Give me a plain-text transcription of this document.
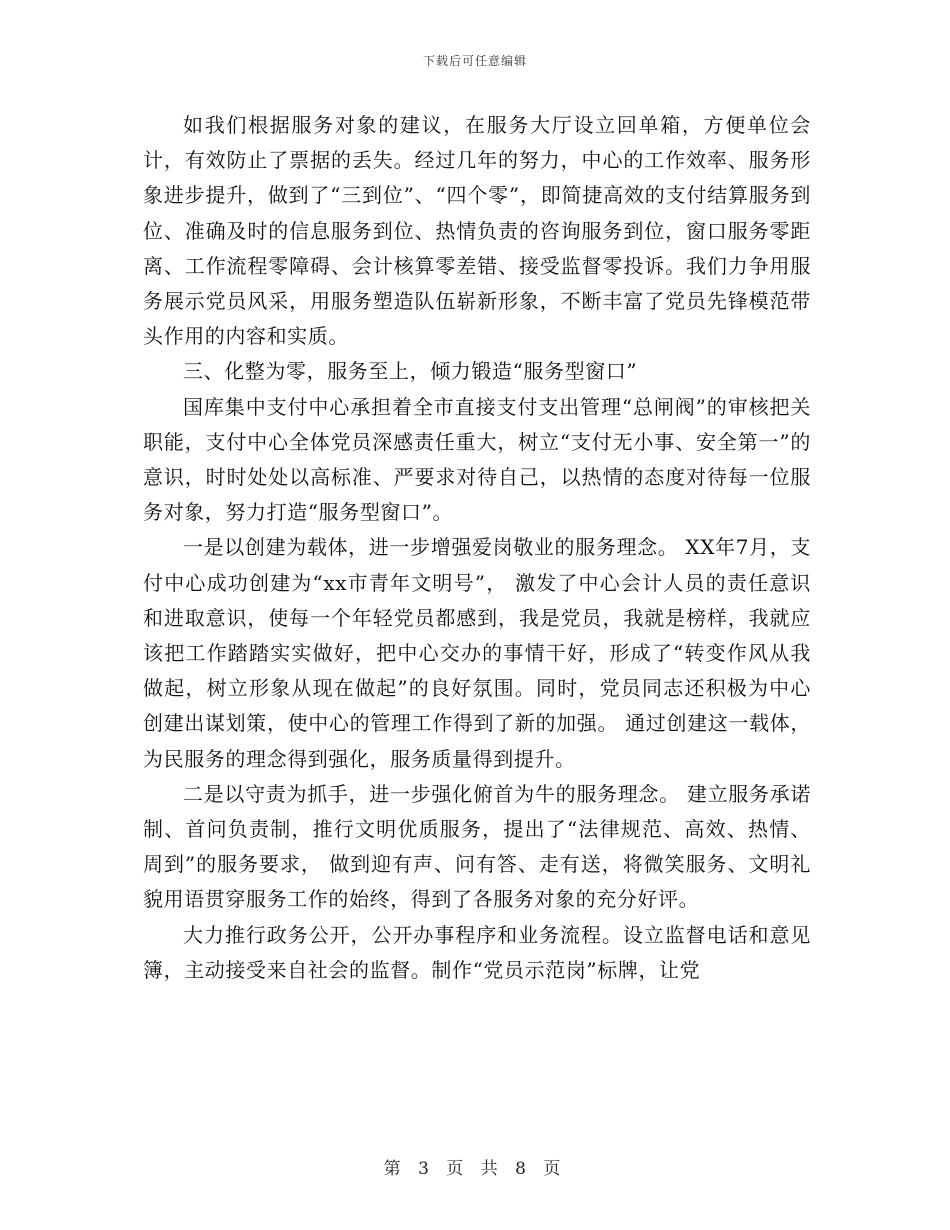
下载后可任意编辑

如我们根据服务对象的建议，在服务大厅设立回单箱，方便单位会计，有效防止了票据的丢失。经过几年的努力，中心的工作效率、服务形象进步提升，做到了“三到位”、“四个零”，即简捷高效的支付结算服务到位、准确及时的信息服务到位、热情负责的咨询服务到位，窗口服务零距离、工作流程零障碍、会计核算零差错、接受监督零投诉。我们力争用服务展示党员风采，用服务塑造队伍崭新形象，不断丰富了党员先锋模范带头作用的内容和实质。

三、化整为零，服务至上，倾力锻造“服务型窗口”

国库集中支付中心承担着全市直接支付支出管理“总闸阀”的审核把关职能，支付中心全体党员深感责任重大，树立“支付无小事、安全第一”的意识，时时处处以高标准、严要求对待自己，以热情的态度对待每一位服务对象，努力打造“服务型窗口”。

一是以创建为载体，进一步增强爱岗敬业的服务理念。 XX年7月，支付中心成功创建为“xx市青年文明号”， 激发了中心会计人员的责任意识和进取意识，使每一个年轻党员都感到，我是党员，我就是榜样，我就应该把工作踏踏实实做好，把中心交办的事情干好，形成了“转变作风从我做起，树立形象从现在做起”的良好氛围。同时，党员同志还积极为中心创建出谋划策，使中心的管理工作得到了新的加强。 通过创建这一载体，为民服务的理念得到强化，服务质量得到提升。

二是以守责为抓手，进一步强化俯首为牛的服务理念。 建立服务承诺制、首问负责制，推行文明优质服务，提出了“法律规范、高效、热情、周到”的服务要求， 做到迎有声、问有答、走有送，将微笑服务、文明礼貌用语贯穿服务工作的始终，得到了各服务对象的充分好评。

大力推行政务公开，公开办事程序和业务流程。设立监督电话和意见簿，主动接受来自社会的监督。制作“党员示范岗”标牌，让党

第 3 页 共 8 页
